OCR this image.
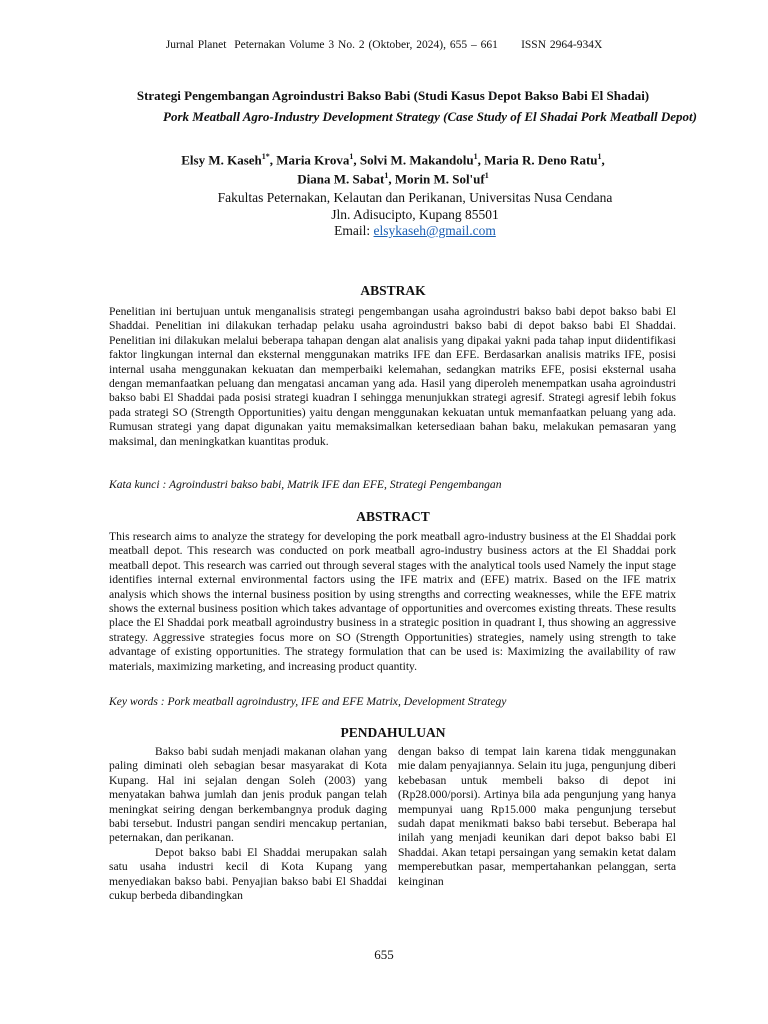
Jurnal Planet  Peternakan Volume 3 No. 2 (Oktober, 2024), 655 – 661      ISSN 2964-934X
Strategi Pengembangan Agroindustri Bakso Babi (Studi Kasus Depot Bakso Babi El Shadai)
Pork Meatball Agro-Industry Development Strategy (Case Study of El Shadai Pork Meatball Depot)
Elsy M. Kaseh$^{1*}$, Maria Krova$^1$, Solvi M. Makandolu$^1$, Maria R. Deno Ratu$^1$,
Diana M. Sabat$^1$, Morin M. $Sol'uf^1$
Fakultas Peternakan, Kelautan dan Perikanan, Universitas Nusa Cendana
Jln. Adisucipto, Kupang 85501
Email: elsykaseh@gmail.com
ABSTRAK
Penelitian ini bertujuan untuk menganalisis strategi pengembangan usaha agroindustri bakso babi depot bakso babi El Shaddai. Penelitian ini dilakukan terhadap pelaku usaha agroindustri bakso babi di depot bakso babi El Shaddai. Penelitian ini dilakukan melalui beberapa tahapan dengan alat analisis yang dipakai yakni pada tahap input diidentifikasi faktor lingkungan internal dan eksternal menggunakan matriks IFE dan EFE. Berdasarkan analisis matriks IFE, posisi internal usaha menggunakan kekuatan dan memperbaiki kelemahan, sedangkan matriks EFE, posisi eksternal usaha dengan memanfaatkan peluang dan mengatasi ancaman yang ada. Hasil yang diperoleh menempatkan usaha agroindustri bakso babi El Shaddai pada posisi strategi kuadran I sehingga menunjukkan strategi agresif. Strategi agresif lebih fokus pada strategi SO (Strength Opportunities) yaitu dengan menggunakan kekuatan untuk memanfaatkan peluang yang ada. Rumusan strategi yang dapat digunakan yaitu memaksimalkan ketersediaan bahan baku, melakukan pemasaran yang maksimal, dan meningkatkan kuantitas produk.
Kata kunci : Agroindustri bakso babi, Matrik IFE dan EFE, Strategi Pengembangan
ABSTRACT
This research aims to analyze the strategy for developing the pork meatball agro-industry business at the El Shaddai pork meatball depot. This research was conducted on pork meatball agro-industry business actors at the El Shaddai pork meatball depot. This research was carried out through several stages with the analytical tools used Namely the input stage identifies internal external environmental factors using the IFE matrix and (EFE) matrix. Based on the IFE matrix analysis which shows the internal business position by using strengths and correcting weaknesses, while the EFE matrix shows the external business position which takes advantage of opportunities and overcomes existing threats. These results place the El Shaddai pork meatball agroindustry business in a strategic position in quadrant I, thus showing an aggressive strategy. Aggressive strategies focus more on SO (Strength Opportunities) strategies, namely using strength to take advantage of existing opportunities. The strategy formulation that can be used is: Maximizing the availability of raw materials, maximizing marketing, and increasing product quantity.
Key words : Pork meatball agroindustry, IFE and EFE Matrix, Development Strategy
PENDAHULUAN

Bakso babi sudah menjadi makanan olahan yang paling diminati oleh sebagian besar masyarakat di Kota Kupang. Hal ini sejalan dengan Soleh (2003) yang menyatakan bahwa jumlah dan jenis produk pangan telah meningkat seiring dengan berkembangnya produk daging babi tersebut. Industri pangan sendiri mencakup pertanian, peternakan, dan perikanan.

Depot bakso babi El Shaddai merupakan salah satu usaha industri kecil di Kota Kupang yang menyediakan bakso babi. Penyajian bakso babi El Shaddai cukup berbeda dibandingkan

dengan bakso di tempat lain karena tidak menggunakan mie dalam penyajiannya. Selain itu juga, pengunjung diberi kebebasan untuk membeli bakso di depot ini (Rp28.000/porsi). Artinya bila ada pengunjung yang hanya mempunyai uang Rp15.000 maka pengunjung tersebut sudah dapat menikmati bakso babi tersebut. Beberapa hal inilah yang menjadi keunikan dari depot bakso babi El Shaddai. Akan tetapi persaingan yang semakin ketat dalam memperebutkan pasar, mempertahankan pelanggan, serta keinginan

655
